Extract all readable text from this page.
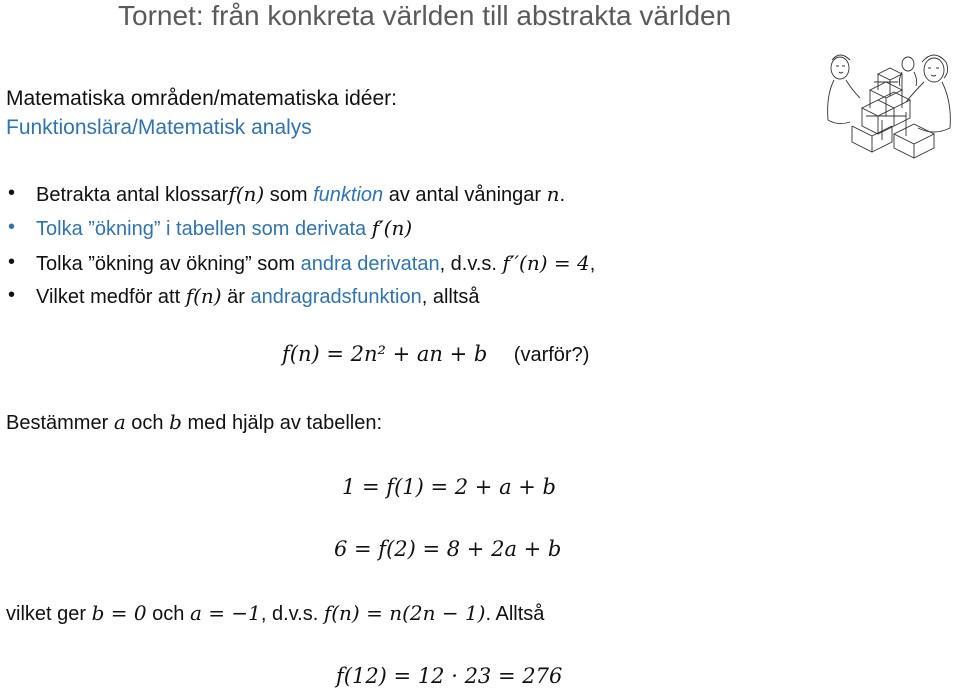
Tornet: från konkreta världen till abstrakta världen
Matematiska områden/matematiska idéer:
Funktionslära/Matematisk analys
• Betrakta antal klossarf(n) som funktion av antal våningar n.
• Tolka ”ökning” i tabellen som derivata f′(n)
• Tolka ”ökning av ökning” som andra derivatan, d.v.s. f′′(n) = 4,
• Vilket medför att f(n) är andragradsfunktion, alltså
f(n) = 2n² + an + b (varför?)
Bestämmer a och b med hjälp av tabellen:
1 = f(1) = 2 + a + b
6 = f(2) = 8 + 2a + b
vilket ger b = 0 och a = −1, d.v.s. f(n) = n(2n − 1). Alltså
f(12) = 12 · 23 = 276
